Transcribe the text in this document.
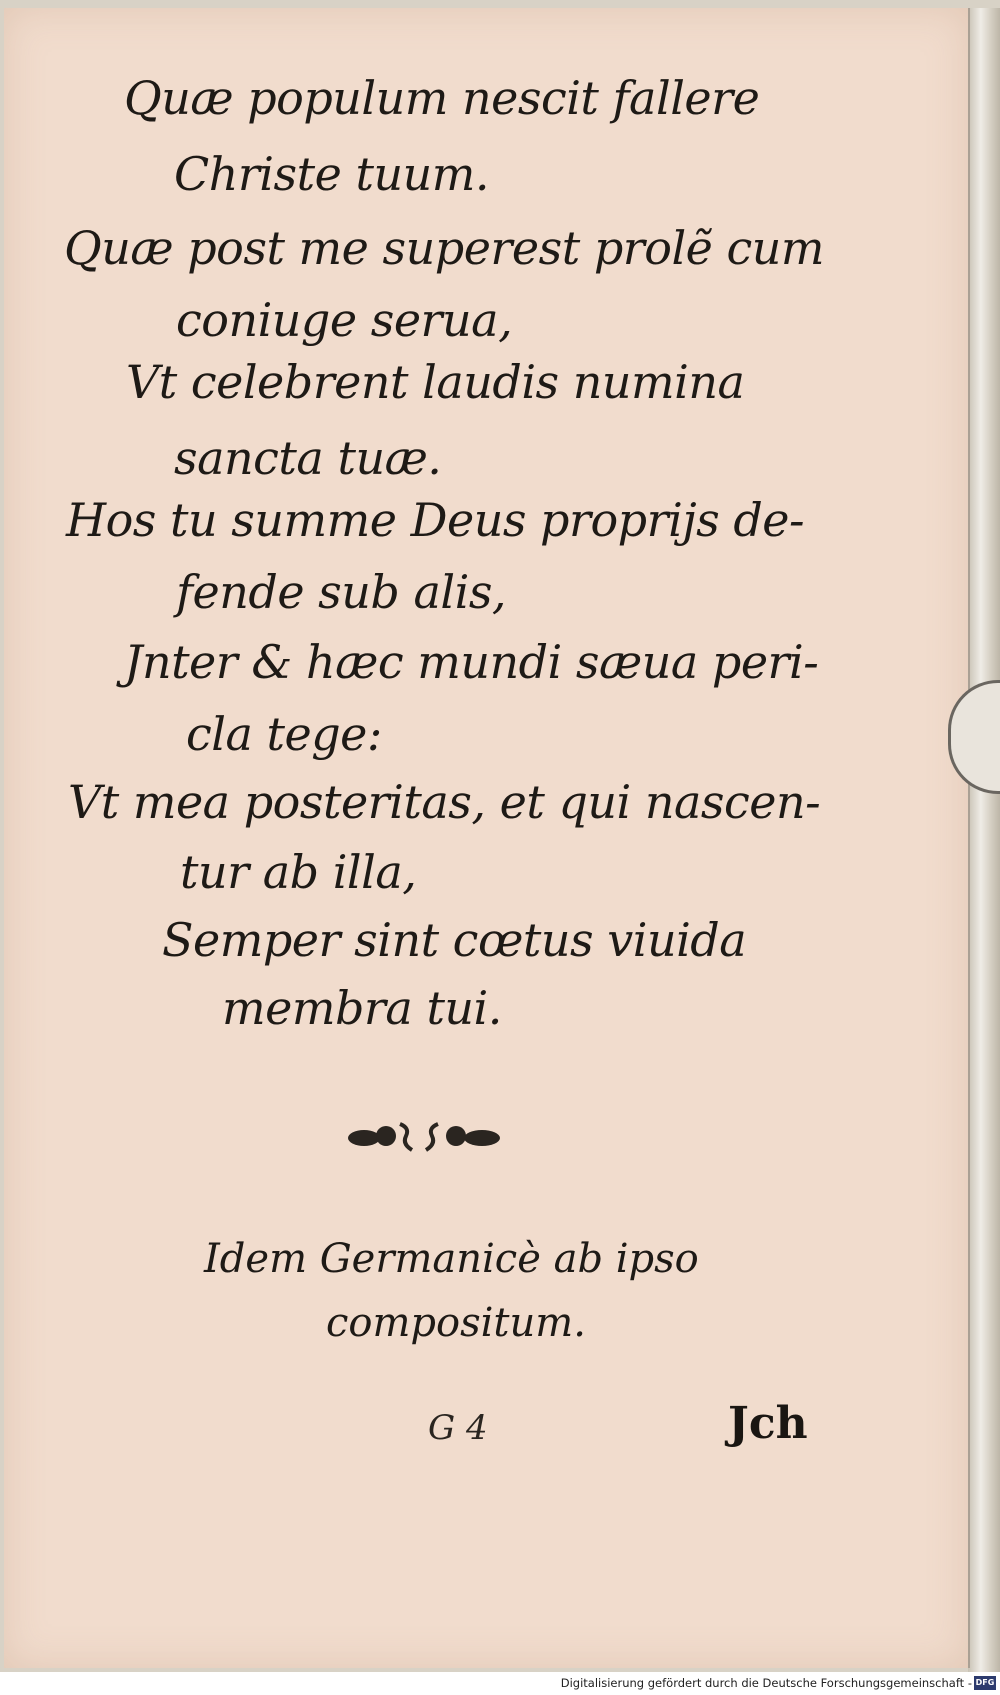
Quæ populum nescit fallere
Christe tuum.
Quæ post me superest prolẽ cum
coniuge serua,
Vt celebrent laudis numina
sancta tuæ.
Hos tu summe Deus proprijs de-
fende sub alis,
Jnter & hæc mundi sæua peri-
cla tege:
Vt mea posteritas, et qui nascen-
tur ab illa,
Semper sint cœtus viuida
membra tui.
Idem Germanicè ab ipso
compositum.
G 4	Jch
Digitalisierung gefördert durch die Deutsche Forschungsgemeinschaft - DFG
